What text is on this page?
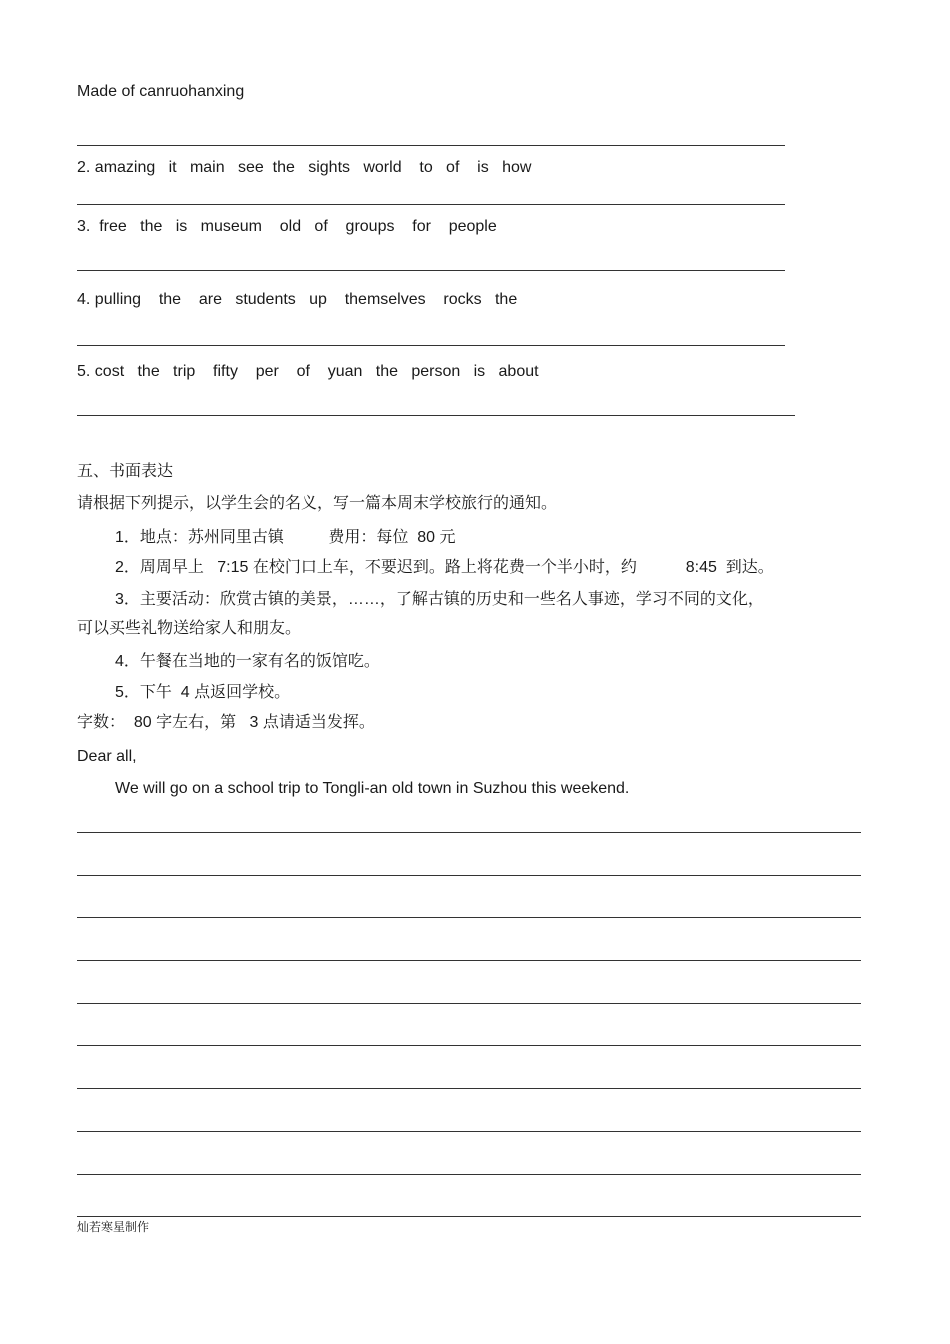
Made of canruohanxing
2. amazing   it   main   see  the   sights   world    to   of    is   how
3.  free   the   is   museum    old   of    groups    for    people
4. pulling    the    are   students   up    themselves    rocks   the
5. cost   the   trip    fifty    per    of    yuan   the   person   is   about
五、书面表达
请根据下列提示，以学生会的名义，写一篇本周末学校旅行的通知。
1．地点：苏州同里古镇          费用：每位  80 元
2．周周早上   7:15 在校门口上车，不要迟到。路上将花费一个半小时，约           8:45  到达。
3．主要活动：欣赏古镇的美景，……，了解古镇的历史和一些名人事迹，学习不同的文化，
可以买些礼物送给家人和朋友。
4．午餐在当地的一家有名的饭馆吃。
5．下午  4 点返回学校。
字数：  80 字左右，第   3 点请适当发挥。
Dear all,
We will go on a school trip to Tongli-an old town in Suzhou this weekend.
灿若寒星制作
